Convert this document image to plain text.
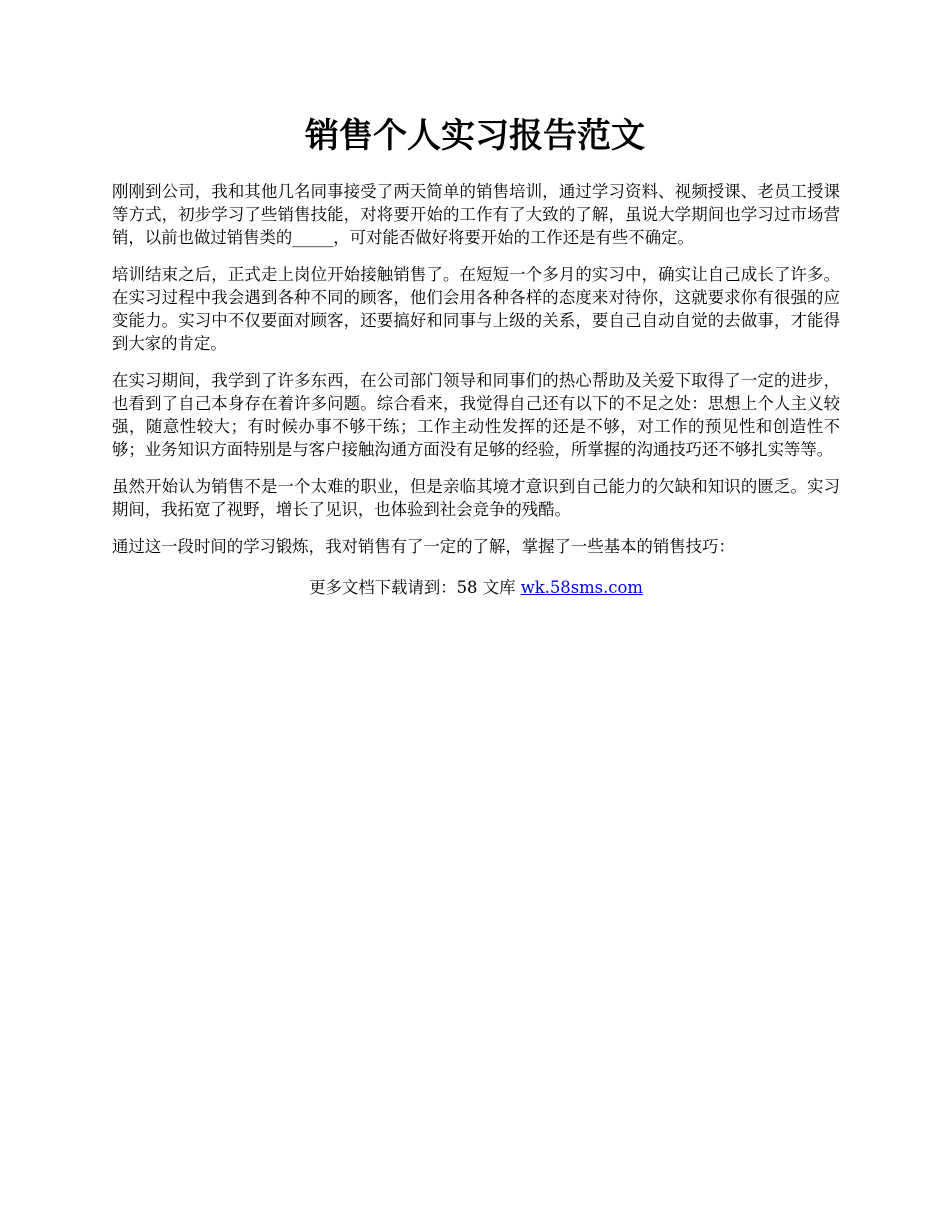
销售个人实习报告范文

刚刚到公司，我和其他几名同事接受了两天简单的销售培训，通过学习资料、视频授课、老员工授课等方式，初步学习了些销售技能，对将要开始的工作有了大致的了解，虽说大学期间也学习过市场营销，以前也做过销售类的_____，可对能否做好将要开始的工作还是有些不确定。

培训结束之后，正式走上岗位开始接触销售了。在短短一个多月的实习中，确实让自己成长了许多。在实习过程中我会遇到各种不同的顾客，他们会用各种各样的态度来对待你，这就要求你有很强的应变能力。实习中不仅要面对顾客，还要搞好和同事与上级的关系，要自己自动自觉的去做事，才能得到大家的肯定。

在实习期间，我学到了许多东西，在公司部门领导和同事们的热心帮助及关爱下取得了一定的进步，也看到了自己本身存在着许多问题。综合看来，我觉得自己还有以下的不足之处：思想上个人主义较强，随意性较大；有时候办事不够干练；工作主动性发挥的还是不够，对工作的预见性和创造性不够；业务知识方面特别是与客户接触沟通方面没有足够的经验，所掌握的沟通技巧还不够扎实等等。

虽然开始认为销售不是一个太难的职业，但是亲临其境才意识到自己能力的欠缺和知识的匮乏。实习期间，我拓宽了视野，增长了见识，也体验到社会竞争的残酷。

通过这一段时间的学习锻炼，我对销售有了一定的了解，掌握了一些基本的销售技巧：

更多文档下载请到：58 文库 wk.58sms.com
